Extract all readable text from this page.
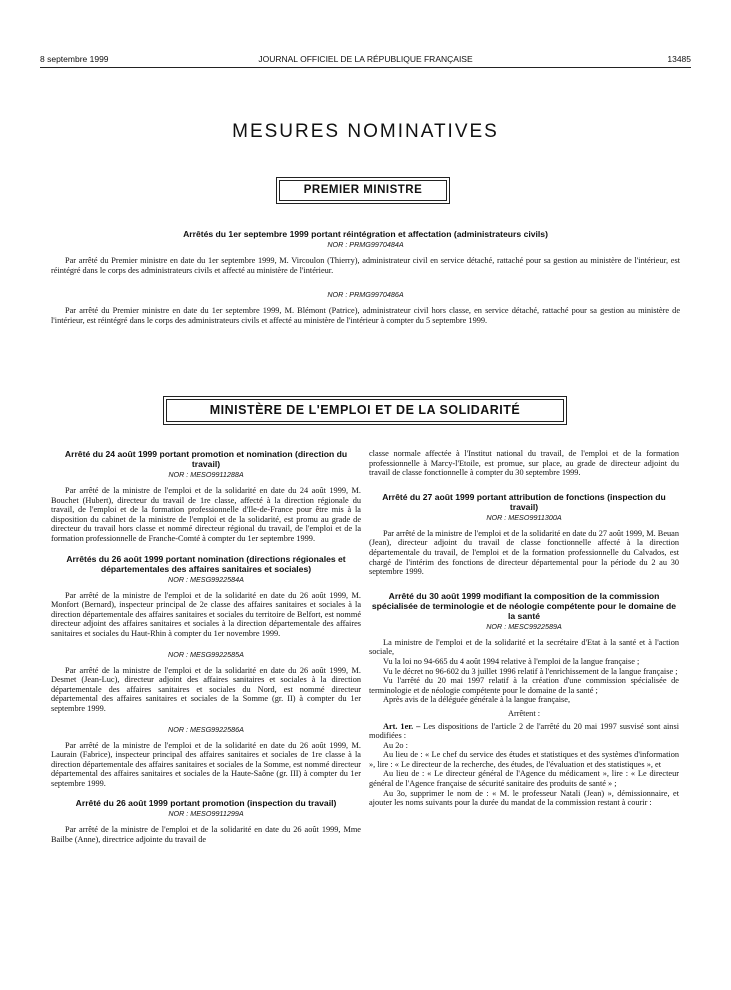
8 septembre 1999	JOURNAL OFFICIEL DE LA RÉPUBLIQUE FRANÇAISE	13485
MESURES NOMINATIVES
PREMIER MINISTRE
Arrêtés du 1er septembre 1999 portant réintégration et affectation (administrateurs civils)
NOR : PRMG9970484A

Par arrêté du Premier ministre en date du 1er septembre 1999, M. Vircoulon (Thierry), administrateur civil en service détaché, rattaché pour sa gestion au ministère de l'intérieur, est réintégré dans le corps des administrateurs civils et affecté au ministère de l'intérieur.

NOR : PRMG9970486A

Par arrêté du Premier ministre en date du 1er septembre 1999, M. Blémont (Patrice), administrateur civil hors classe, en service détaché, rattaché pour sa gestion au ministère de l'intérieur, est réintégré dans le corps des administrateurs civils et affecté au ministère de l'intérieur à compter du 5 septembre 1999.

MINISTÈRE DE L'EMPLOI ET DE LA SOLIDARITÉ
Arrêté du 24 août 1999 portant promotion et nomination (direction du travail)
NOR : MESO9911288A

Par arrêté de la ministre de l'emploi et de la solidarité en date du 24 août 1999, M. Bouchet (Hubert), directeur du travail de 1re classe, affecté à la direction régionale du travail, de l'emploi et de la formation professionnelle d'Ile-de-France pour être mis à la disposition du cabinet de la ministre de l'emploi et de la solidarité, est promu au grade de directeur du travail hors classe et nommé directeur régional du travail, de l'emploi et de la formation professionnelle de Franche-Comté à compter du 1er septembre 1999.

Arrêtés du 26 août 1999 portant nomination (directions régionales et départementales des affaires sanitaires et sociales)
NOR : MESG9922584A

Par arrêté de la ministre de l'emploi et de la solidarité en date du 26 août 1999, M. Monfort (Bernard), inspecteur principal de 2e classe des affaires sanitaires et sociales à la direction départementale des affaires sanitaires et sociales du territoire de Belfort, est nommé directeur adjoint des affaires sanitaires et sociales à la direction départementale des affaires sanitaires et sociales du Haut-Rhin à compter du 1er novembre 1999.

NOR : MESG9922585A

Par arrêté de la ministre de l'emploi et de la solidarité en date du 26 août 1999, M. Desmet (Jean-Luc), directeur adjoint des affaires sanitaires et sociales à la direction départementale des affaires sanitaires et sociales du Nord, est nommé directeur départemental des affaires sanitaires et sociales de la Somme (gr. II) à compter du 1er septembre 1999.

NOR : MESG9922586A

Par arrêté de la ministre de l'emploi et de la solidarité en date du 26 août 1999, M. Laurain (Fabrice), inspecteur principal des affaires sanitaires et sociales de 1re classe à la direction départementale des affaires sanitaires et sociales de la Somme, est nommé directeur départemental des affaires sanitaires et sociales de la Haute-Saône (gr. III) à compter du 1er septembre 1999.

Arrêté du 26 août 1999 portant promotion (inspection du travail)
NOR : MESO9911299A

Par arrêté de la ministre de l'emploi et de la solidarité en date du 26 août 1999, Mme Bailbe (Anne), directrice adjointe du travail de

classe normale affectée à l'Institut national du travail, de l'emploi et de la formation professionnelle à Marcy-l'Etoile, est promue, sur place, au grade de directeur adjoint du travail de classe fonctionnelle à compter du 30 septembre 1999.

Arrêté du 27 août 1999 portant attribution de fonctions (inspection du travail)
NOR : MESO9911300A

Par arrêté de la ministre de l'emploi et de la solidarité en date du 27 août 1999, M. Beuan (Jean), directeur adjoint du travail de classe fonctionnelle affecté à la direction départementale du travail, de l'emploi et de la formation professionnelle du Calvados, est chargé de l'intérim des fonctions de directeur départemental pour la période du 2 au 30 septembre 1999.

Arrêté du 30 août 1999 modifiant la composition de la commission spécialisée de terminologie et de néologie compétente pour le domaine de la santé
NOR : MESC9922589A

La ministre de l'emploi et de la solidarité et la secrétaire d'Etat à la santé et à l'action sociale,

Vu la loi no 94-665 du 4 août 1994 relative à l'emploi de la langue française ;

Vu le décret no 96-602 du 3 juillet 1996 relatif à l'enrichissement de la langue française ;

Vu l'arrêté du 20 mai 1997 relatif à la création d'une commission spécialisée de terminologie et de néologie compétente pour le domaine de la santé ;

Après avis de la déléguée générale à la langue française,

Arrêtent :

Art. 1er. – Les dispositions de l'article 2 de l'arrêté du 20 mai 1997 susvisé sont ainsi modifiées :

Au 2o :

Au lieu de : « Le chef du service des études et statistiques et des systèmes d'information », lire : « Le directeur de la recherche, des études, de l'évaluation et des statistiques », et

Au lieu de : « Le directeur général de l'Agence du médicament », lire : « Le directeur général de l'Agence française de sécurité sanitaire des produits de santé » ;

Au 3o, supprimer le nom de : « M. le professeur Natali (Jean) », démissionnaire, et ajouter les noms suivants pour la durée du mandat de la commission restant à courir :
